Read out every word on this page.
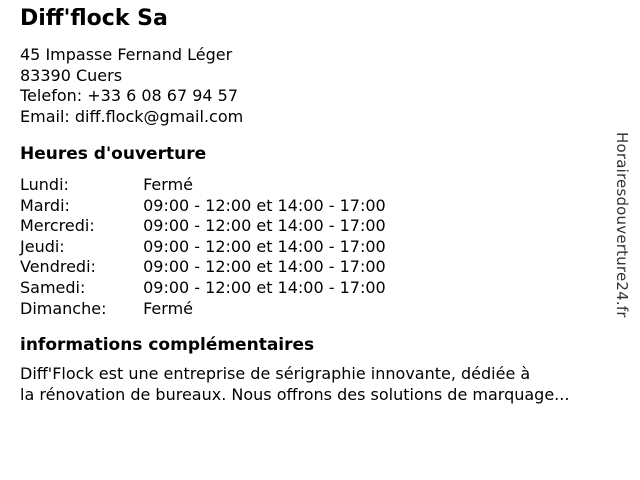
Diff'flock Sa
45 Impasse Fernand Léger
83390 Cuers
Telefon: +33 6 08 67 94 57
Email: diff.flock@gmail.com
Heures d'ouverture
Lundi:	Fermé
Mardi:	09:00 - 12:00 et 14:00 - 17:00
Mercredi:	09:00 - 12:00 et 14:00 - 17:00
Jeudi:	09:00 - 12:00 et 14:00 - 17:00
Vendredi:	09:00 - 12:00 et 14:00 - 17:00
Samedi:	09:00 - 12:00 et 14:00 - 17:00
Dimanche: Fermé
informations complémentaires
Diff'Flock est une entreprise de sérigraphie innovante, dédiée à
la rénovation de bureaux. Nous offrons des solutions de marquage...
Horairesdouverture24.fr
